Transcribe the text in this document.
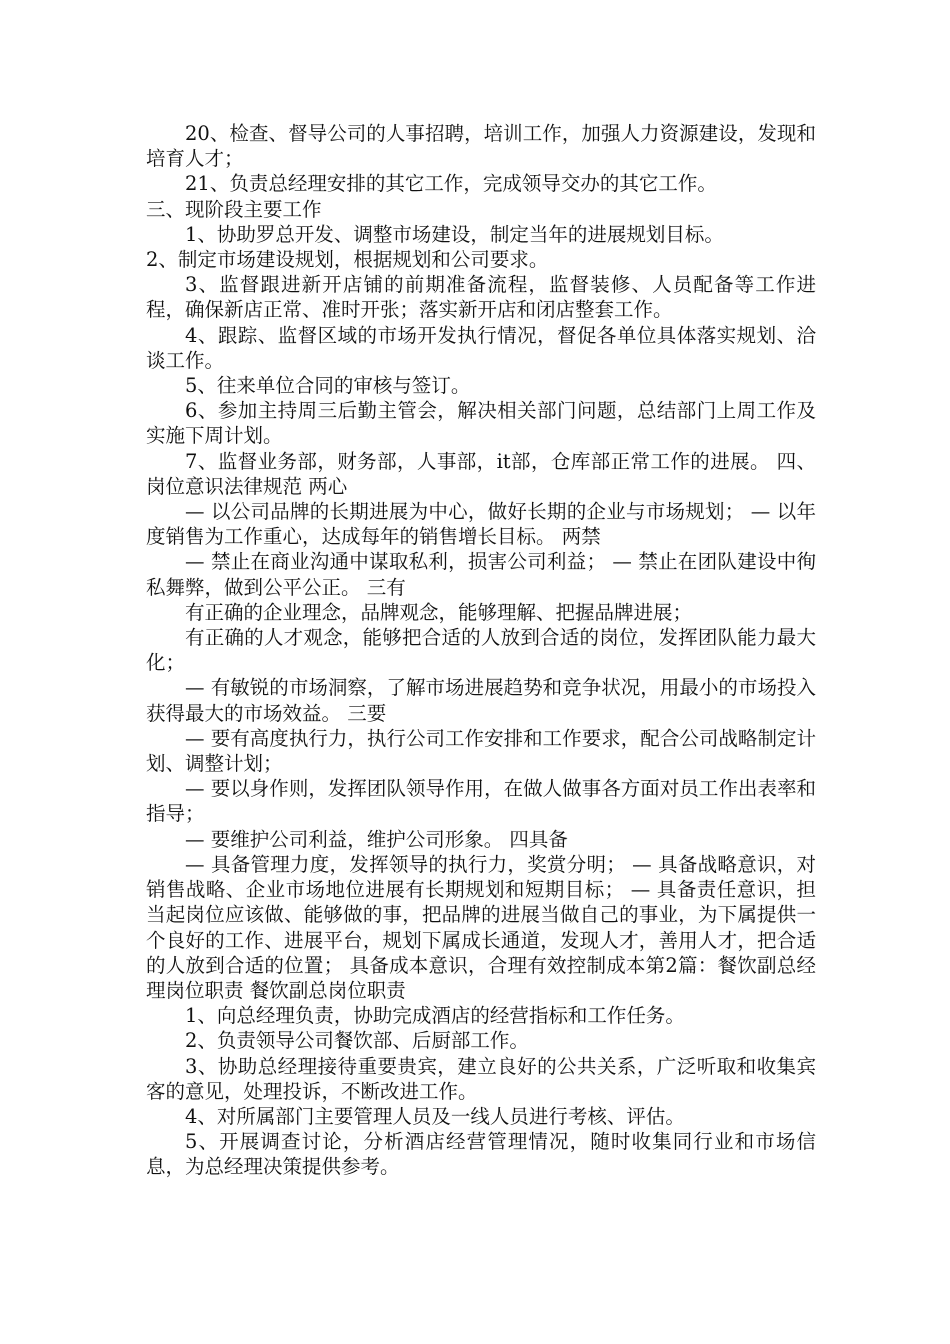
20、检查、督导公司的人事招聘，培训工作，加强人力资源建设，发现和培育人才；

21、负责总经理安排的其它工作，完成领导交办的其它工作。

三、现阶段主要工作

1、协助罗总开发、调整市场建设，制定当年的进展规划目标。

2、制定市场建设规划，根据规划和公司要求。

3、监督跟进新开店铺的前期准备流程，监督装修、人员配备等工作进程，确保新店正常、准时开张；落实新开店和闭店整套工作。

4、跟踪、监督区域的市场开发执行情况，督促各单位具体落实规划、洽谈工作。

5、往来单位合同的审核与签订。

6、参加主持周三后勤主管会，解决相关部门问题，总结部门上周工作及实施下周计划。

7、监督业务部，财务部，人事部，it部，仓库部正常工作的进展。 四、岗位意识法律规范 两心

— 以公司品牌的长期进展为中心，做好长期的企业与市场规划； — 以年度销售为工作重心，达成每年的销售增长目标。 两禁

— 禁止在商业沟通中谋取私利，损害公司利益； — 禁止在团队建设中徇私舞弊，做到公平公正。 三有

有正确的企业理念，品牌观念，能够理解、把握品牌进展；

有正确的人才观念，能够把合适的人放到合适的岗位，发挥团队能力最大化；

— 有敏锐的市场洞察，了解市场进展趋势和竞争状况，用最小的市场投入获得最大的市场效益。 三要

— 要有高度执行力，执行公司工作安排和工作要求，配合公司战略制定计划、调整计划；

— 要以身作则，发挥团队领导作用，在做人做事各方面对员工作出表率和指导；

— 要维护公司利益，维护公司形象。 四具备

— 具备管理力度，发挥领导的执行力，奖赏分明； — 具备战略意识，对销售战略、企业市场地位进展有长期规划和短期目标； — 具备责任意识，担当起岗位应该做、能够做的事，把品牌的进展当做自己的事业，为下属提供一个良好的工作、进展平台，规划下属成长通道，发现人才，善用人才，把合适的人放到合适的位置； 具备成本意识，合理有效控制成本第2篇：餐饮副总经理岗位职责 餐饮副总岗位职责

1、向总经理负责，协助完成酒店的经营指标和工作任务。

2、负责领导公司餐饮部、后厨部工作。

3、协助总经理接待重要贵宾，建立良好的公共关系，广泛听取和收集宾客的意见，处理投诉，不断改进工作。

4、对所属部门主要管理人员及一线人员进行考核、评估。

5、开展调查讨论，分析酒店经营管理情况，随时收集同行业和市场信息，为总经理决策提供参考。
